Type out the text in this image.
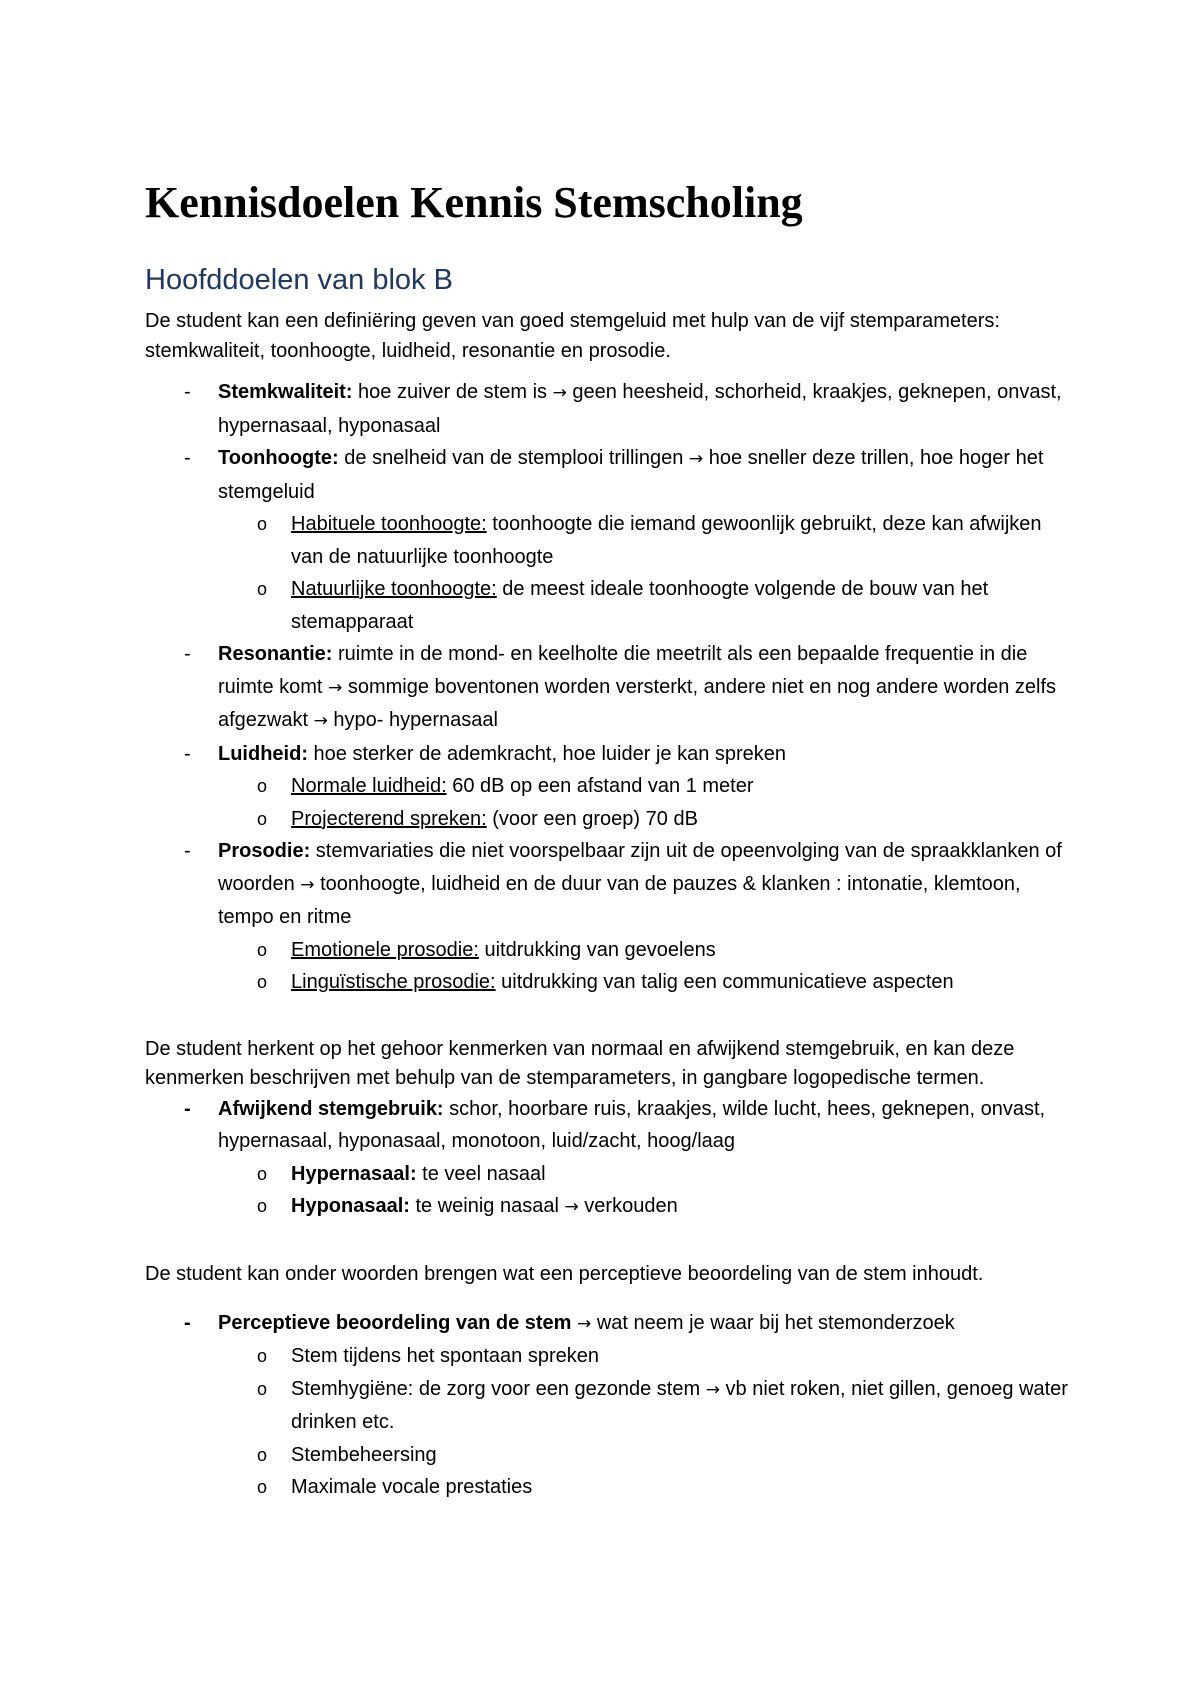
Kennisdoelen Kennis Stemscholing
Hoofddoelen van blok B

De student kan een definiëring geven van goed stemgeluid met hulp van de vijf stemparameters: stemkwaliteit, toonhoogte, luidheid, resonantie en prosodie.

- Stemkwaliteit: hoe zuiver de stem is → geen heesheid, schorheid, kraakjes, geknepen, onvast, hypernasaal, hyponasaal
- Toonhoogte: de snelheid van de stemplooi trillingen → hoe sneller deze trillen, hoe hoger het stemgeluid
o Habituele toonhoogte: toonhoogte die iemand gewoonlijk gebruikt, deze kan afwijken van de natuurlijke toonhoogte
o Natuurlijke toonhoogte: de meest ideale toonhoogte volgende de bouw van het stemapparaat
- Resonantie: ruimte in de mond- en keelholte die meetrilt als een bepaalde frequentie in die ruimte komt → sommige boventonen worden versterkt, andere niet en nog andere worden zelfs afgezwakt → hypo- hypernasaal
- Luidheid: hoe sterker de ademkracht, hoe luider je kan spreken
o Normale luidheid: 60 dB op een afstand van 1 meter
o Projecterend spreken: (voor een groep) 70 dB
- Prosodie: stemvariaties die niet voorspelbaar zijn uit de opeenvolging van de spraakklanken of woorden → toonhoogte, luidheid en de duur van de pauzes & klanken : intonatie, klemtoon, tempo en ritme
o Emotionele prosodie: uitdrukking van gevoelens
o Linguïstische prosodie: uitdrukking van talig een communicatieve aspecten

De student herkent op het gehoor kenmerken van normaal en afwijkend stemgebruik, en kan deze kenmerken beschrijven met behulp van de stemparameters, in gangbare logopedische termen.

- Afwijkend stemgebruik: schor, hoorbare ruis, kraakjes, wilde lucht, hees, geknepen, onvast, hypernasaal, hyponasaal, monotoon, luid/zacht, hoog/laag
o Hypernasaal: te veel nasaal
o Hyponasaal: te weinig nasaal → verkouden

De student kan onder woorden brengen wat een perceptieve beoordeling van de stem inhoudt.

- Perceptieve beoordeling van de stem → wat neem je waar bij het stemonderzoek
o Stem tijdens het spontaan spreken
o Stemhygiëne: de zorg voor een gezonde stem → vb niet roken, niet gillen, genoeg water drinken etc.
o Stembeheersing
o Maximale vocale prestaties
